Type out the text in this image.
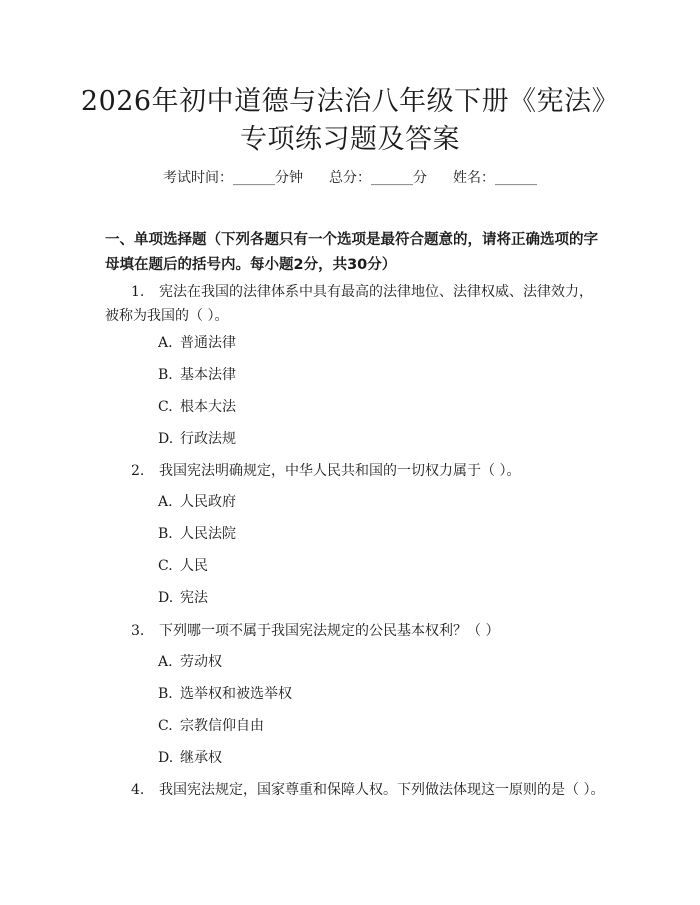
2026年初中道德与法治八年级下册《宪法》
专项练习题及答案
考试时间：______分钟 总分：______分 姓名：______
一、单项选择题（下列各题只有一个选项是最符合题意的，请将正确选项的字母填在题后的括号内。每小题2分，共30分）
1. 宪法在我国的法律体系中具有最高的法律地位、法律权威、法律效力，被称为我国的（ ）。
A. 普通法律
B. 基本法律
C. 根本大法
D. 行政法规
2. 我国宪法明确规定，中华人民共和国的一切权力属于（ ）。
A. 人民政府
B. 人民法院
C. 人民
D. 宪法
3. 下列哪一项不属于我国宪法规定的公民基本权利？（ ）
A. 劳动权
B. 选举权和被选举权
C. 宗教信仰自由
D. 继承权
4. 我国宪法规定，国家尊重和保障人权。下列做法体现这一原则的是（ ）。
